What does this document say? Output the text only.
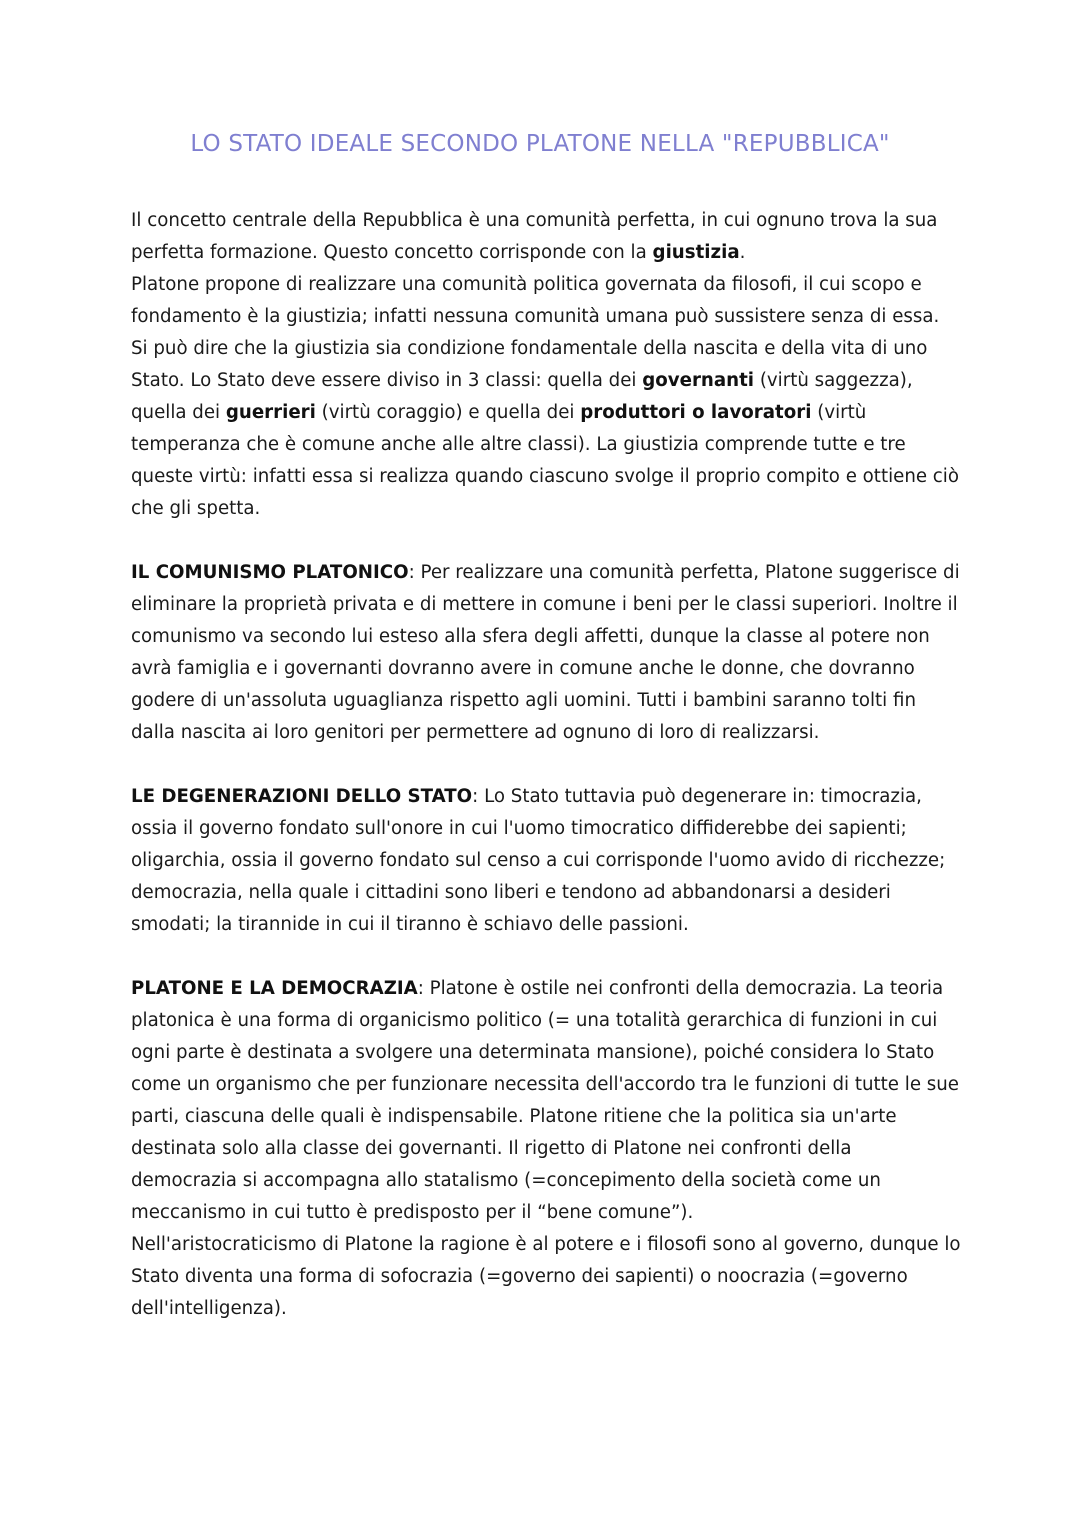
LO STATO IDEALE SECONDO PLATONE NELLA "REPUBBLICA"

Il concetto centrale della Repubblica è una comunità perfetta, in cui ognuno trova la sua perfetta formazione. Questo concetto corrisponde con la giustizia.

Platone propone di realizzare una comunità politica governata da filosofi, il cui scopo e fondamento è la giustizia; infatti nessuna comunità umana può sussistere senza di essa. Si può dire che la giustizia sia condizione fondamentale della nascita e della vita di uno Stato. Lo Stato deve essere diviso in 3 classi: quella dei governanti (virtù saggezza), quella dei guerrieri (virtù coraggio) e quella dei produttori o lavoratori (virtù temperanza che è comune anche alle altre classi). La giustizia comprende tutte e tre queste virtù: infatti essa si realizza quando ciascuno svolge il proprio compito e ottiene ciò che gli spetta.

IL COMUNISMO PLATONICO: Per realizzare una comunità perfetta, Platone suggerisce di eliminare la proprietà privata e di mettere in comune i beni per le classi superiori. Inoltre il comunismo va secondo lui esteso alla sfera degli affetti, dunque la classe al potere non avrà famiglia e i governanti dovranno avere in comune anche le donne, che dovranno godere di un'assoluta uguaglianza rispetto agli uomini. Tutti i bambini saranno tolti fin dalla nascita ai loro genitori per permettere ad ognuno di loro di realizzarsi.

LE DEGENERAZIONI DELLO STATO: Lo Stato tuttavia può degenerare in: timocrazia, ossia il governo fondato sull'onore in cui l'uomo timocratico diffiderebbe dei sapienti; oligarchia, ossia il governo fondato sul censo a cui corrisponde l'uomo avido di ricchezze; democrazia, nella quale i cittadini sono liberi e tendono ad abbandonarsi a desideri smodati; la tirannide in cui il tiranno è schiavo delle passioni.

PLATONE E LA DEMOCRAZIA: Platone è ostile nei confronti della democrazia. La teoria platonica è una forma di organicismo politico (= una totalità gerarchica di funzioni in cui ogni parte è destinata a svolgere una determinata mansione), poiché considera lo Stato come un organismo che per funzionare necessita dell'accordo tra le funzioni di tutte le sue parti, ciascuna delle quali è indispensabile. Platone ritiene che la politica sia un'arte destinata solo alla classe dei governanti. Il rigetto di Platone nei confronti della democrazia si accompagna allo statalismo (=concepimento della società come un meccanismo in cui tutto è predisposto per il “bene comune”).

Nell'aristocraticismo di Platone la ragione è al potere e i filosofi sono al governo, dunque lo Stato diventa una forma di sofocrazia (=governo dei sapienti) o noocrazia (=governo dell'intelligenza).
